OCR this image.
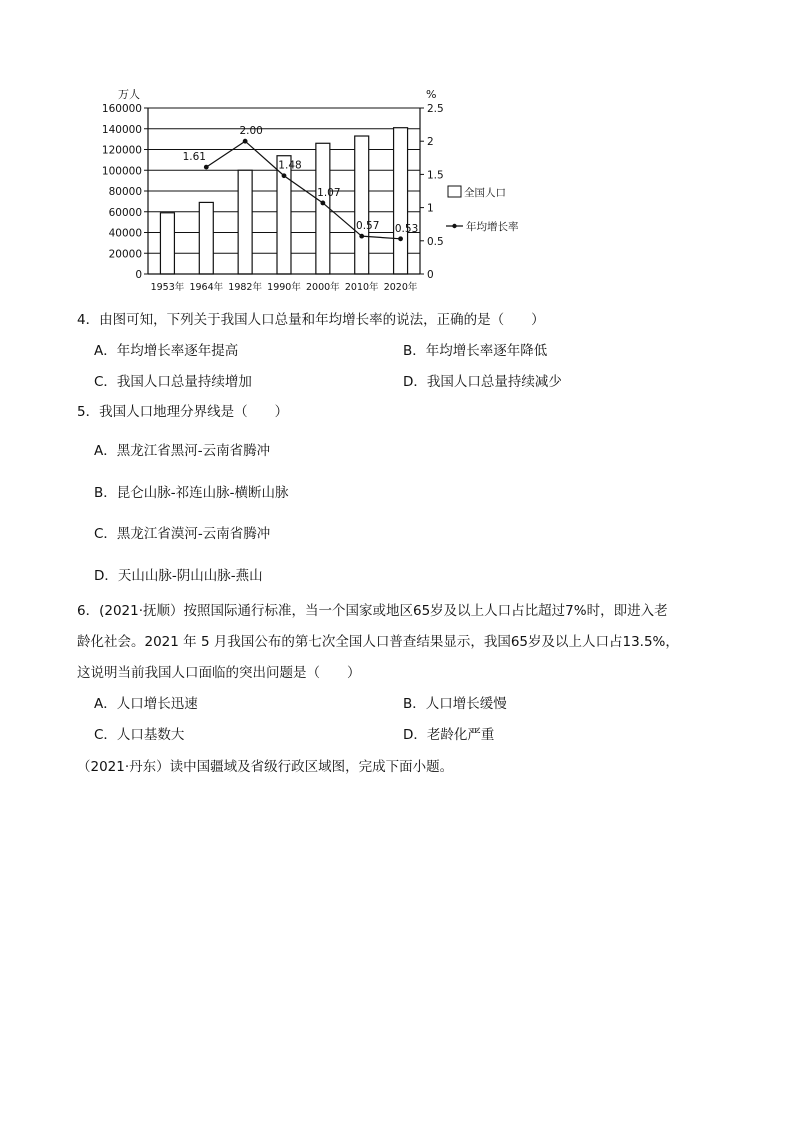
1.61
2.00
1.48
1.07
0.57 0.53
0
20000
40000
60000
80000
100000
120000
140000
160000
0
0.5
1
1.5
2
2.5
1953年 1964年 1982年 1990年 2000年 2010年 2020年
万人	%
全国人口
年均增长率
4．由图可知，下列关于我国人口总量和年均增长率的说法，正确的是（　　）
A．年均增长率逐年提高	B．年均增长率逐年降低
C．我国人口总量持续增加	D．我国人口总量持续减少
5．我国人口地理分界线是（　　）
A．黑龙江省黑河-云南省腾冲
B．昆仑山脉-祁连山脉-横断山脉
C．黑龙江省漠河-云南省腾冲
D．天山山脉-阴山山脉-燕山
6．(2021·抚顺）按照国际通行标准，当一个国家或地区65岁及以上人口占比超过7%时，即进入老
龄化社会。2021 年 5 月我国公布的第七次全国人口普查结果显示，我国65岁及以上人口占13.5%，
这说明当前我国人口面临的突出问题是（　　）
A．人口增长迅速	B．人口增长缓慢
C．人口基数大	D．老龄化严重
（2021·丹东）读中国疆域及省级行政区域图，完成下面小题。
